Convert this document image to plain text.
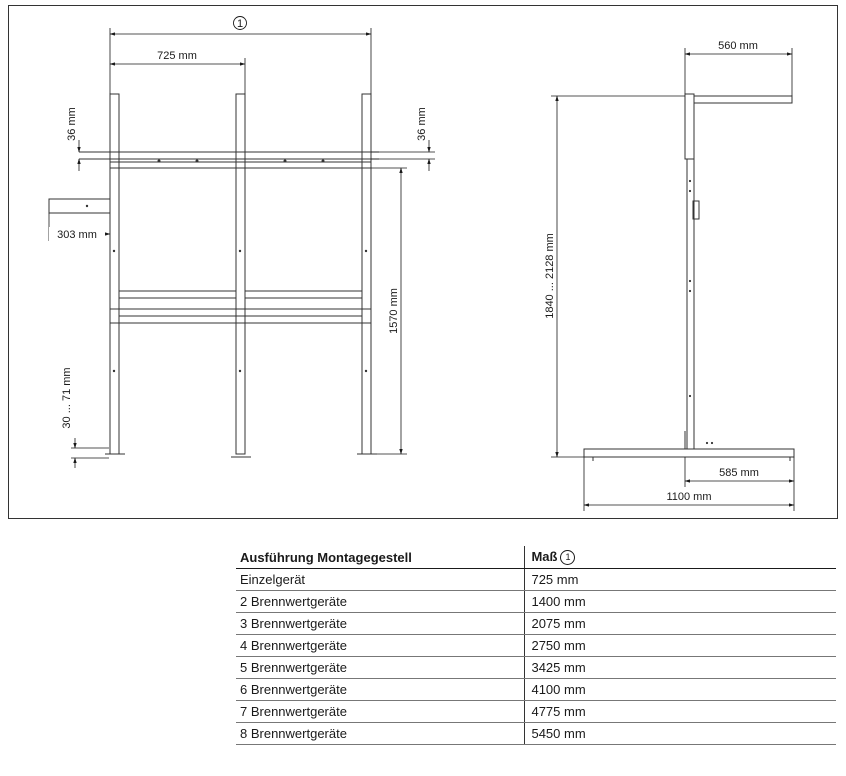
1
725 mm
36 mm	36 mm
303 mm
1570 mm
30 ... 71 mm
560 mm
1840 ... 2128 mm
585 mm
1100 mm
Ausführung Montagegestell	Maß 1
Einzelgerät	725 mm
2 Brennwertgeräte	1400 mm
3 Brennwertgeräte	2075 mm
4 Brennwertgeräte	2750 mm
5 Brennwertgeräte	3425 mm
6 Brennwertgeräte	4100 mm
7 Brennwertgeräte	4775 mm
8 Brennwertgeräte	5450 mm
